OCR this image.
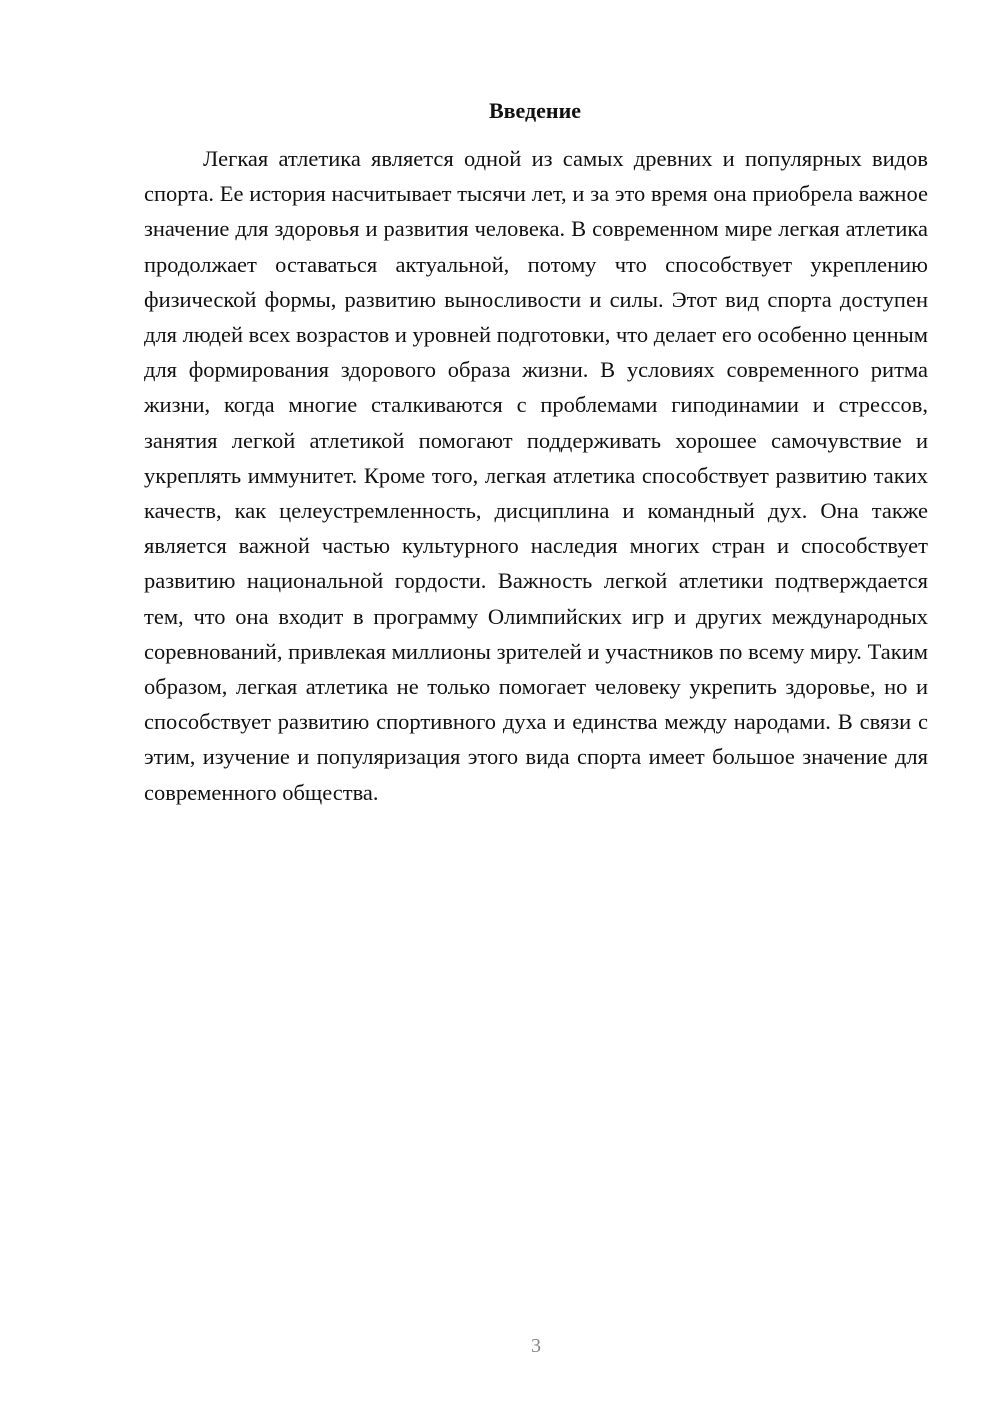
Введение

Легкая атлетика является одной из самых древних и популярных видов спорта. Ее история насчитывает тысячи лет, и за это время она приобрела важное значение для здоровья и развития человека. В современном мире легкая атлетика продолжает оставаться актуальной, потому что способствует укреплению физической формы, развитию выносливости и силы. Этот вид спорта доступен для людей всех возрастов и уровней подготовки, что делает его особенно ценным для формирования здорового образа жизни. В условиях современного ритма жизни, когда многие сталкиваются с проблемами гиподинамии и стрессов, занятия легкой атлетикой помогают поддерживать хорошее самочувствие и укреплять иммунитет. Кроме того, легкая атлетика способствует развитию таких качеств, как целеустремленность, дисциплина и командный дух. Она также является важной частью культурного наследия многих стран и способствует развитию национальной гордости. Важность легкой атлетики подтверждается тем, что она входит в программу Олимпийских игр и других международных соревнований, привлекая миллионы зрителей и участников по всему миру. Таким образом, легкая атлетика не только помогает человеку укрепить здоровье, но и способствует развитию спортивного духа и единства между народами. В связи с этим, изучение и популяризация этого вида спорта имеет большое значение для современного общества.

3
